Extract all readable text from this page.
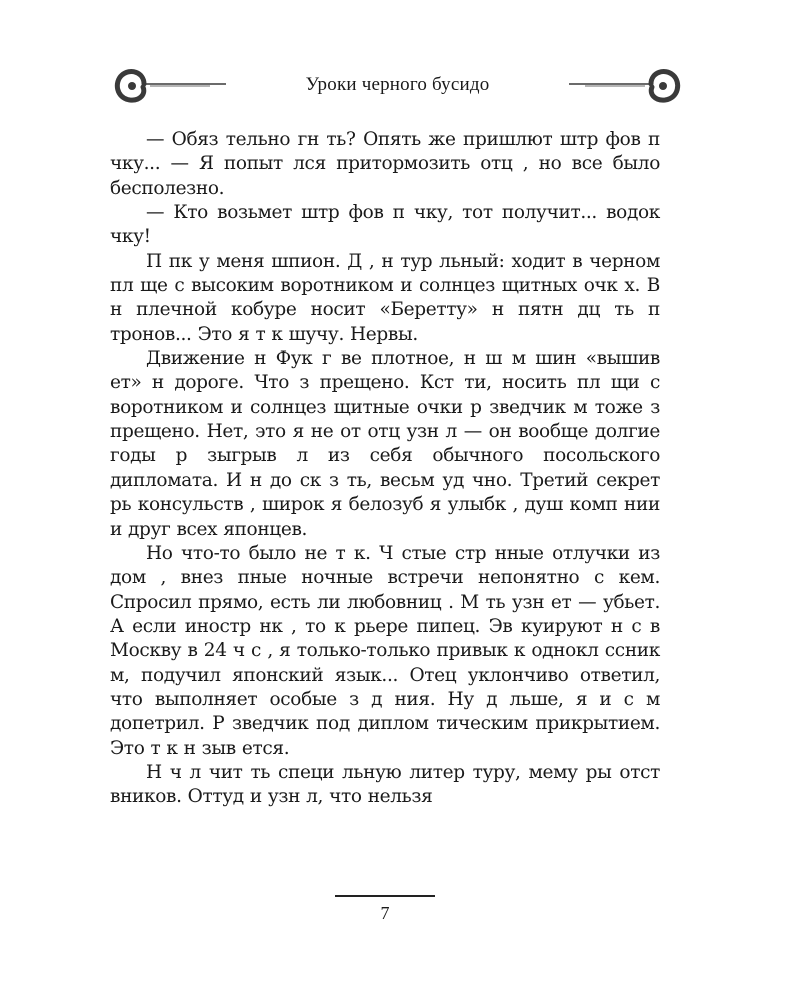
Уроки черного бусидо

— Обяз тельно гн ть? Опять же пришлют штр фов п чку... — Я попыт лся притормозить отц , но все было бесполезно.

— Кто возьмет штр фов п чку, тот получит... водок чку!

П пк у меня шпион. Д , н тур льный: ходит в черном пл щe с высоким воротником и солнцез щитных очк х. В н плечной кобуре носит «Беретту» н пятн дц ть п тронов... Это я т к шучу. Нервы.

Движение н Фук г ве плотное, н ш м шин «вышив ет» н дороге. Что з прещено. Кст ти, носить пл щи с воротником и солнцез щитные очки р зведчик м тоже з прещено. Нет, это я не от отц узн л — он вообще долгие годы р зыгрыв л из себя обычного посольского дипломата. И н до ск з ть, весьм уд чно. Третий секрет рь консульств , широк я белозуб я улыбк , душ комп нии и друг всех японцев.

Но что-то было не т к. Ч стые стр нные отлучки из дом , внез пные ночные встречи непонятно с кем. Спросил прямо, есть ли любовниц . М ть узн ет — убьет. А если иностр нк , то к рьере пипец. Эв куируют н с в Москву в 24 ч с , я только-только привык к однокл ссник м, подучил японский язык... Отец уклончиво ответил, что выполняет особые з д ния. Ну д льше, я и с м допетрил. Р зведчик под диплом тическим прикрытием. Это т к н зыв ется.

Н ч л чит ть специ льную литер туру, мему ры отст вников. Оттуд и узн л, что нельзя

7
